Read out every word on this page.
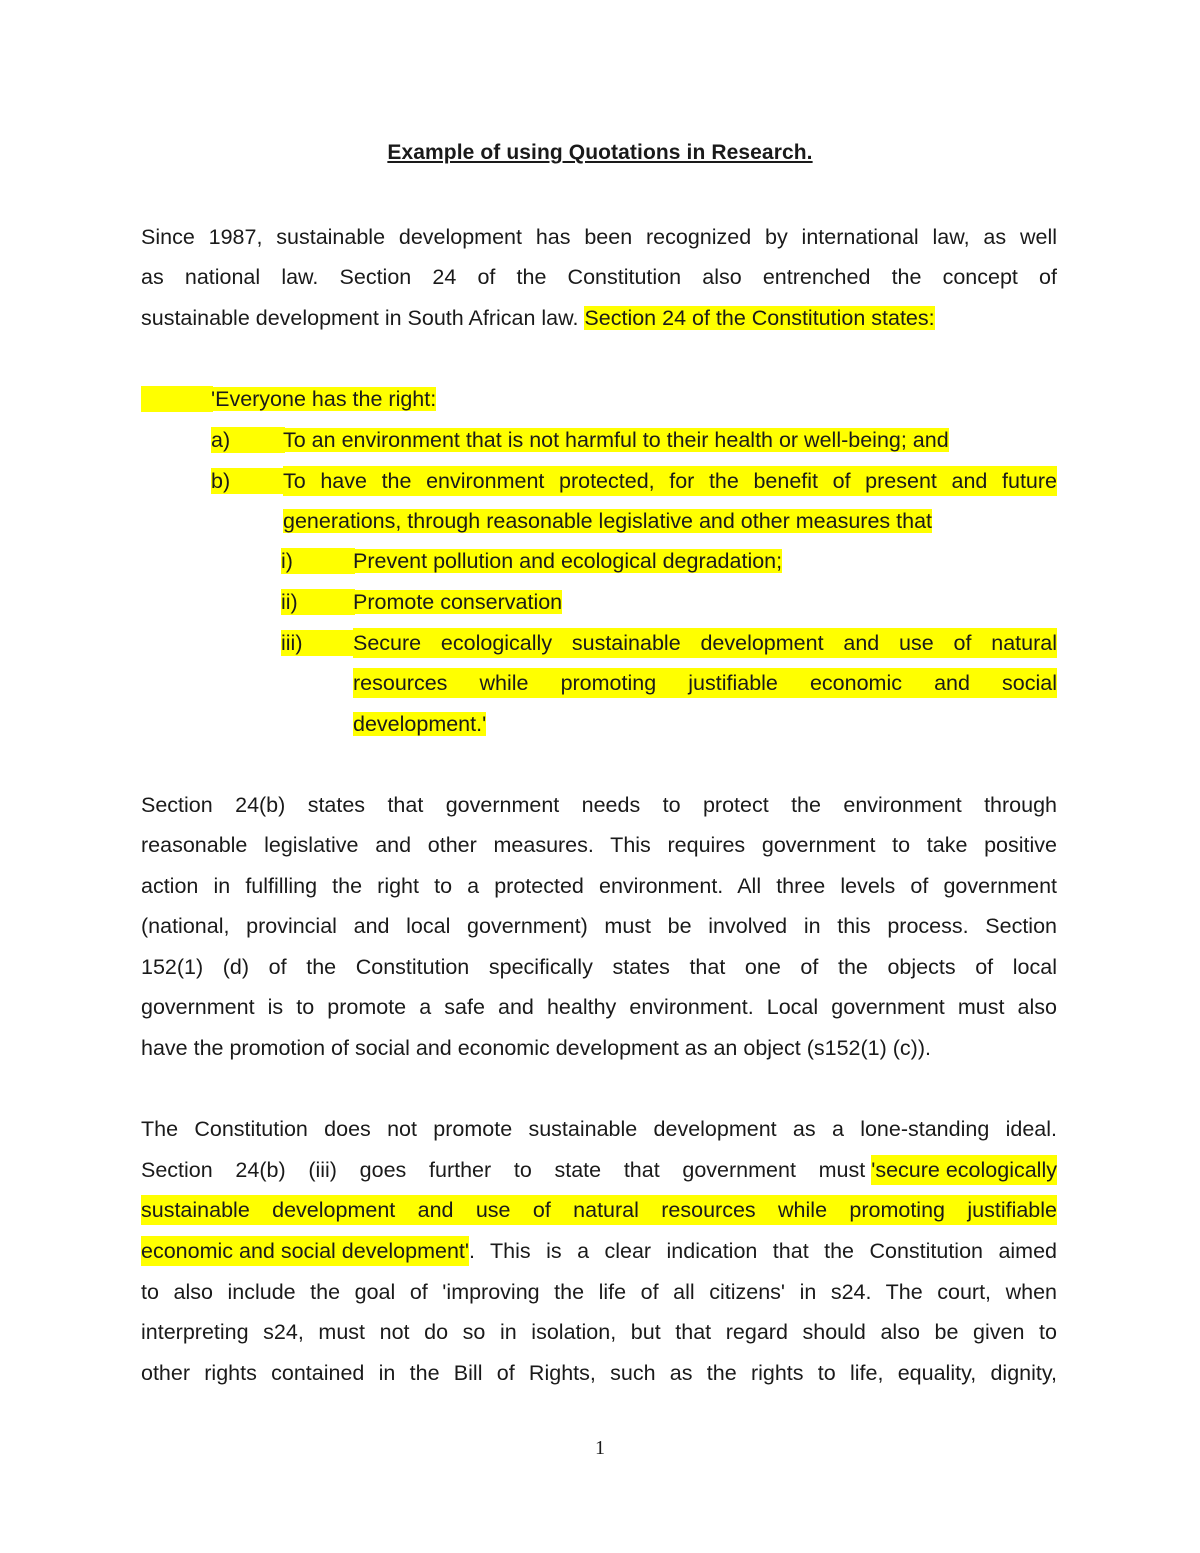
Example of using Quotations in Research.
Since 1987, sustainable development has been recognized by international law, as well
as national law. Section 24 of the Constitution also entrenched the concept of
sustainable development in South African law. Section 24 of the Constitution states:
'Everyone has the right:
a) To an environment that is not harmful to their health or well-being; and
b) To have the environment protected, for the benefit of present and future
generations, through reasonable legislative and other measures that
i)	Prevent pollution and ecological degradation;
ii)	Promote conservation
iii) Secure ecologically sustainable development and use of natural
resources while promoting justifiable economic and social
development.'
Section 24(b) states that government needs to protect the environment through
reasonable legislative and other measures. This requires government to take positive
action in fulfilling the right to a protected environment. All three levels of government
(national, provincial and local government) must be involved in this process. Section
152(1) (d) of the Constitution specifically states that one of the objects of local
government is to promote a safe and healthy environment. Local government must also
have the promotion of social and economic development as an object (s152(1) (c)).
The Constitution does not promote sustainable development as a lone-standing ideal.
Section 24(b) (iii) goes further to state that government must 'secure ecologically
sustainable development and use of natural resources while promoting justifiable
economic and social development' . This is a clear indication that the Constitution aimed
to also include the goal of 'improving the life of all citizens' in s24. The court, when
interpreting s24, must not do so in isolation, but that regard should also be given to
other rights contained in the Bill of Rights, such as the rights to life, equality, dignity,
1
